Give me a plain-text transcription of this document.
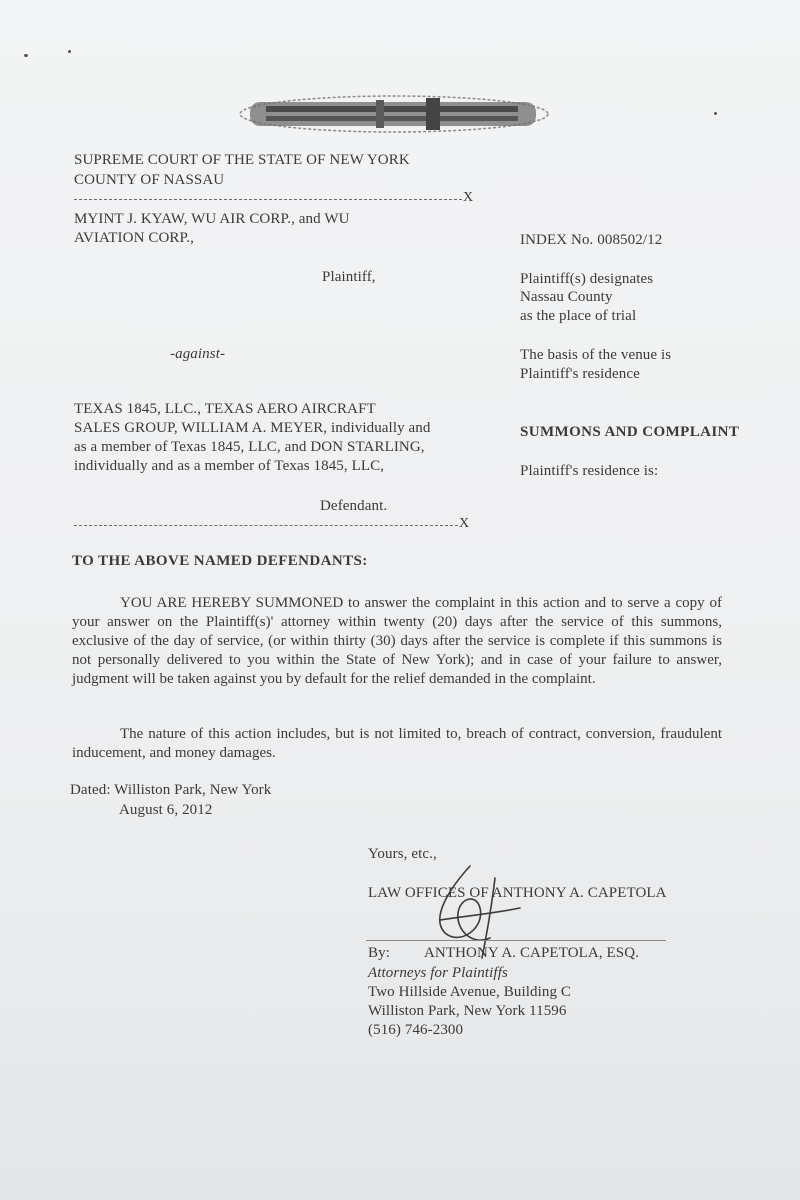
SUPREME COURT OF THE STATE OF NEW YORK
COUNTY OF NASSAU
X
MYINT J. KYAW, WU AIR CORP., and WU
AVIATION CORP.,
Plaintiff,
-against-
TEXAS 1845, LLC., TEXAS AERO AIRCRAFT
SALES GROUP, WILLIAM A. MEYER, individually and
as a member of Texas 1845, LLC, and DON STARLING,
individually and as a member of Texas 1845, LLC,
Defendant.
X
INDEX No. 008502/12
Plaintiff(s) designates
Nassau County
as the place of trial
The basis of the venue is
Plaintiff's residence
SUMMONS AND COMPLAINT
Plaintiff's residence is:
TO THE ABOVE NAMED DEFENDANTS:
YOU ARE HEREBY SUMMONED to answer the complaint in this action and to serve a copy of your answer on the Plaintiff(s)' attorney within twenty (20) days after the service of this summons, exclusive of the day of service, (or within thirty (30) days after the service is complete if this summons is not personally delivered to you within the State of New York); and in case of your failure to answer, judgment will be taken against you by default for the relief demanded in the complaint.
The nature of this action includes, but is not limited to, breach of contract, conversion, fraudulent inducement, and money damages.
Dated: Williston Park, New York
August 6, 2012
Yours, etc.,
LAW OFFICES OF ANTHONY A. CAPETOLA
By: ANTHONY A. CAPETOLA, ESQ.
Attorneys for Plaintiffs
Two Hillside Avenue, Building C
Williston Park, New York 11596
(516) 746-2300
